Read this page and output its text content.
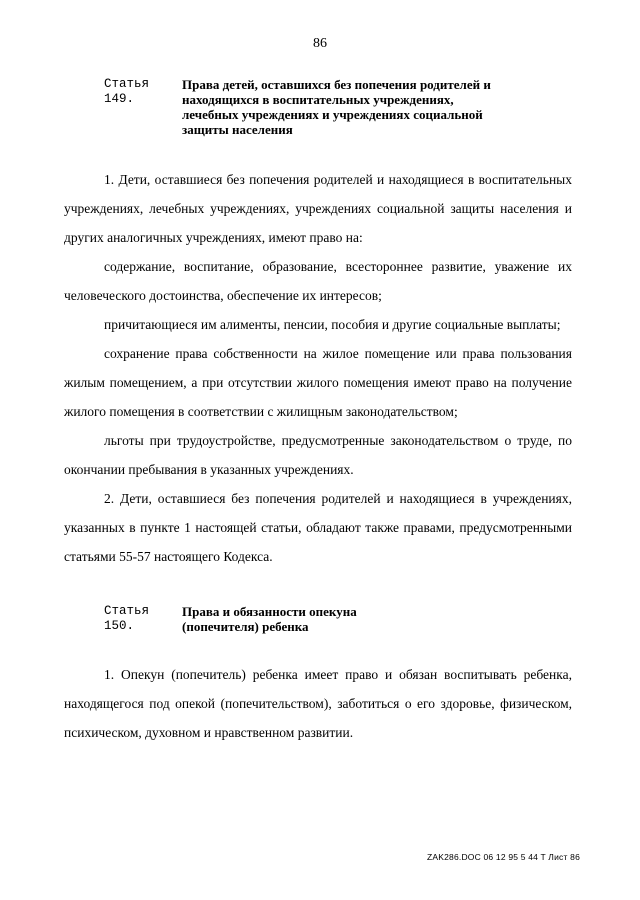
86
Статья 149.
Права детей, оставшихся без попечения родителей и
находящихся в воспитательных учреждениях,
лечебных учреждениях и учреждениях социальной
защиты населения
1. Дети, оставшиеся без попечения родителей и находящиеся в воспитательных учреждениях, лечебных учреждениях, учреждениях социальной защиты населения и других аналогичных учреждениях, имеют право на:
содержание, воспитание, образование, всестороннее развитие, уважение их человеческого достоинства, обеспечение их интересов;
причитающиеся им алименты, пенсии, пособия и другие социальные выплаты;
сохранение права собственности на жилое помещение или права пользования жилым помещением, а при отсутствии жилого помещения имеют право на получение жилого помещения в соответствии с жилищным законодательством;
льготы при трудоустройстве, предусмотренные законодательством о труде, по окончании пребывания в указанных учреждениях.
2. Дети, оставшиеся без попечения родителей и находящиеся в учреждениях, указанных в пункте 1 настоящей статьи, обладают также правами, предусмотренными статьями 55-57 настоящего Кодекса.
Статья 150.
Права и обязанности опекуна
(попечителя) ребенка
1. Опекун (попечитель) ребенка имеет право и обязан воспитывать ребенка, находящегося под опекой (попечительством), заботиться о его здоровье, физическом, психическом, духовном и нравственном развитии.
ZAK286.DOC 06 12 95 5 44 T Лист 86
